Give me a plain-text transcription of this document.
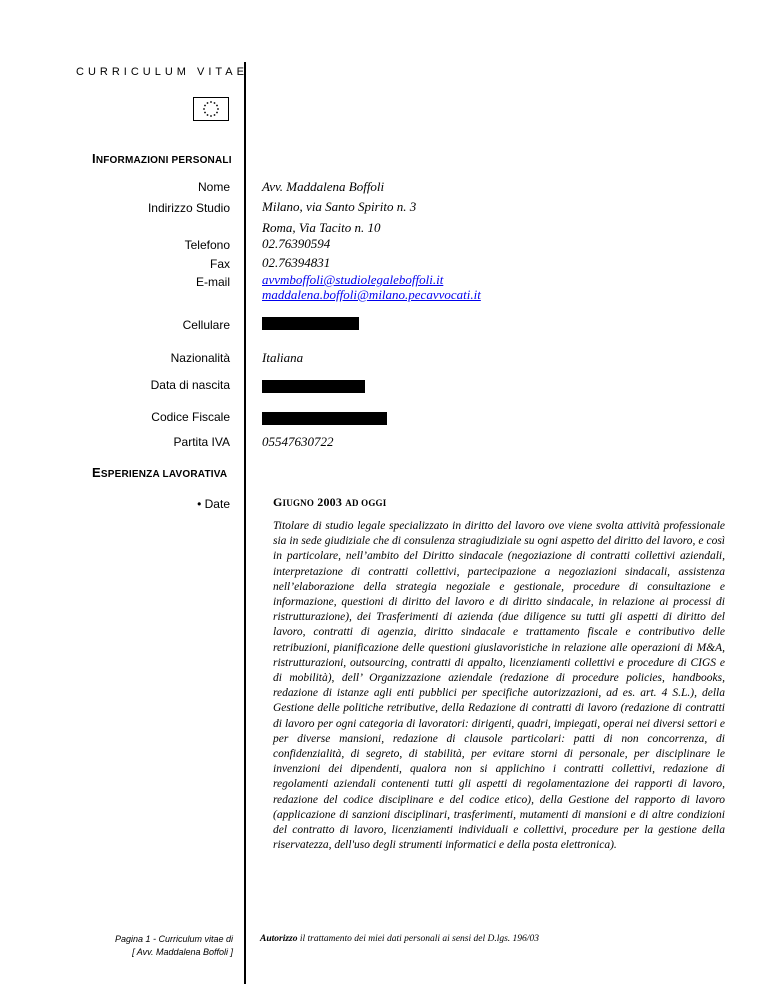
CURRICULUM VITAE
INFORMAZIONI PERSONALI
Nome Avv. Maddalena Boffoli
Indirizzo Studio Milano, via Santo Spirito n. 3
Roma, Via Tacito n. 10
Telefono 02.76390594
Fax 02.76394831
E-mail avvmboffoli@studiolegaleboffoli.it
maddalena.boffoli@milano.pecavvocati.it
Cellulare
Nazionalità Italiana
Data di nascita
Codice Fiscale
Partita IVA 05547630722
ESPERIENZA LAVORATIVA
• Date	GIUGNO 2003 AD OGGI
Titolare di studio legale specializzato in diritto del lavoro ove viene svolta attività professionale sia in sede giudiziale che di consulenza stragiudiziale su ogni aspetto del diritto del lavoro, e così in particolare, nell’ambito del Diritto sindacale (negoziazione di contratti collettivi aziendali, interpretazione di contratti collettivi, partecipazione a negoziazioni sindacali, assistenza nell’elaborazione della strategia negoziale e gestionale, procedure di consultazione e informazione, questioni di diritto del lavoro e di diritto sindacale, in relazione ai processi di ristrutturazione), dei Trasferimenti di azienda (due diligence su tutti gli aspetti di diritto del lavoro, contratti di agenzia, diritto sindacale e trattamento fiscale e contributivo delle retribuzioni, pianificazione delle questioni giuslavoristiche in relazione alle operazioni di M&A, ristrutturazioni, outsourcing, contratti di appalto, licenziamenti collettivi e procedure di CIGS e di mobilità), dell’ Organizzazione aziendale (redazione di procedure policies, handbooks, redazione di istanze agli enti pubblici per specifiche autorizzazioni, ad es. art. 4 S.L.), della Gestione delle politiche retributive, della Redazione di contratti di lavoro (redazione di contratti di lavoro per ogni categoria di lavoratori: dirigenti, quadri, impiegati, operai nei diversi settori e per diverse mansioni, redazione di clausole particolari: patti di non concorrenza, di confidenzialità, di segreto, di stabilità, per evitare storni di personale, per disciplinare le invenzioni dei dipendenti, qualora non si applichino i contratti collettivi, redazione di regolamenti aziendali contenenti tutti gli aspetti di regolamentazione dei rapporti di lavoro, redazione del codice disciplinare e del codice etico), della Gestione del rapporto di lavoro (applicazione di sanzioni disciplinari, trasferimenti, mutamenti di mansioni e di altre condizioni del contratto di lavoro, licenziamenti individuali e collettivi, procedure per la gestione della riservatezza, dell'uso degli strumenti informatici e della posta elettronica).
Pagina 1 - Curriculum vitae di
[ Avv. Maddalena Boffoli ]
Autorizzo il trattamento dei miei dati personali ai sensi del D.lgs. 196/03
